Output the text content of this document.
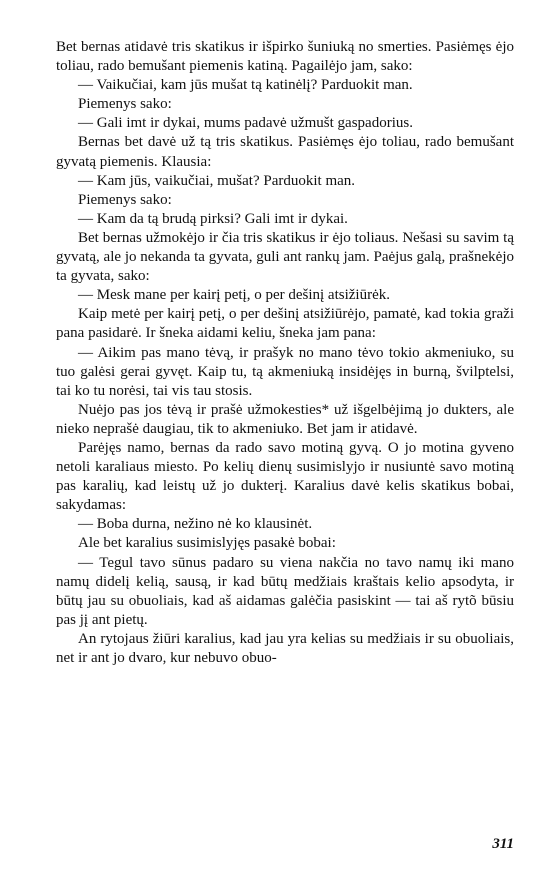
Bet bernas atidavė tris skatikus ir išpirko šuniuką no smerties. Pasiėmęs ėjo toliau, rado bemušant piemenis katiną. Pagailėjo jam, sako:

— Vaikučiai, kam jūs mušat tą katinėlį? Parduokit man.

Piemenys sako:

— Gali imt ir dykai, mums padavė užmušt gaspadorius.

Bernas bet davė už tą tris skatikus. Pasiėmęs ėjo toliau, rado bemušant gyvatą piemenis. Klausia:

— Kam jūs, vaikučiai, mušat? Parduokit man.

Piemenys sako:

— Kam da tą brudą pirksi? Gali imt ir dykai.

Bet bernas užmokėjo ir čia tris skatikus ir ėjo toliaus. Nešasi su savim tą gyvatą, ale jo nekanda ta gyvata, guli ant rankų jam. Paėjus galą, prašnekėjo ta gyvata, sako:

— Mesk mane per kairį petį, o per dešinį atsižiūrėk.

Kaip metė per kairį petį, o per dešinį atsižiūrėjo, pamatė, kad tokia graži pana pasidarė. Ir šneka aidami keliu, šneka jam pana:

— Aikim pas mano tėvą, ir prašyk no mano tėvo tokio akmeniuko, su tuo galėsi gerai gyvęt. Kaip tu, tą akmeniuką insidėjęs in burną, švilptelsi, tai ko tu norėsi, tai vis tau stosis.

Nuėjo pas jos tėvą ir prašė užmokesties* už išgelbėjimą jo dukters, ale nieko neprašė daugiau, tik to akmeniuko. Bet jam ir atidavė.

Parėjęs namo, bernas da rado savo motiną gyvą. O jo motina gyveno netoli karaliaus miesto. Po kelių dienų susimislyjo ir nusiuntė savo motiną pas karalių, kad leistų už jo dukterį. Karalius davė kelis skatikus bobai, sakydamas:

— Boba durna, nežino nė ko klausinėt.

Ale bet karalius susimislyjęs pasakė bobai:

— Tegul tavo sūnus padaro su viena nakčia no tavo namų iki mano namų didelį kelią, sausą, ir kad būtų medžiais kraštais kelio apsodyta, ir būtų jau su obuoliais, kad aš aidamas galėčia pasiskint — tai aš rytõ būsiu pas jį ant pietų.

An rytojaus žiūri karalius, kad jau yra kelias su medžiais ir su obuoliais, net ir ant jo dvaro, kur nebuvo obuo-

311
